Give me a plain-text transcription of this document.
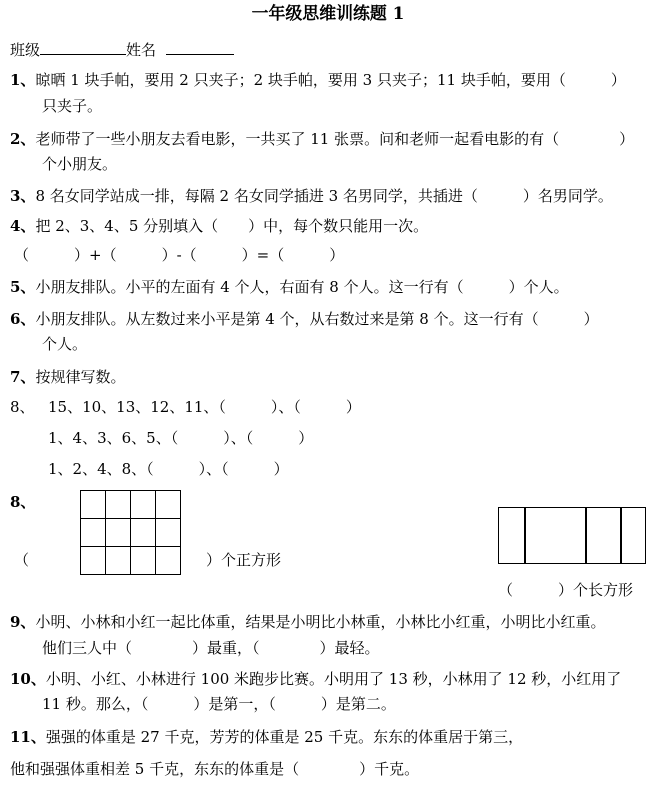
一年级思维训练题 1
班级	姓名
1、晾晒 1 块手帕，要用 2 只夹子；2 块手帕，要用 3 只夹子；11 块手帕，要用（　　　）
只夹子。
2、老师带了一些小朋友去看电影，一共买了 11 张票。问和老师一起看电影的有（　　　　）
个小朋友。
3、8 名女同学站成一排，每隔 2 名女同学插进 3 名男同学，共插进（　　　）名男同学。
4、把 2、3、4、5 分别填入（　　）中，每个数只能用一次。
（　　　）+（　　　）-（　　　）=（　　　）
5、小朋友排队。小平的左面有 4 个人，右面有 8 个人。这一行有（　　　）个人。
6、小朋友排队。从左数过来小平是第 4 个，从右数过来是第 8 个。这一行有（　　　）
个人。
7、按规律写数。
8、 15、10、13、12、11、（　　　）、（　　　）
1、4、3、6、5、（　　　）、（　　　）
1、2、4、8、（　　　）、（　　　）
8、

（	）个正方形
（　　　）个长方形
9、小明、小林和小红一起比体重，结果是小明比小林重，小林比小红重，小明比小红重。
他们三人中（　　　　）最重，（　　　　）最轻。
10、小明、小红、小林进行 100 米跑步比赛。小明用了 13 秒，小林用了 12 秒，小红用了
11 秒。那么，（　　　）是第一，（　　　）是第二。
11、强强的体重是 27 千克，芳芳的体重是 25 千克。东东的体重居于第三，
他和强强体重相差 5 千克，东东的体重是（　　　　）千克。
